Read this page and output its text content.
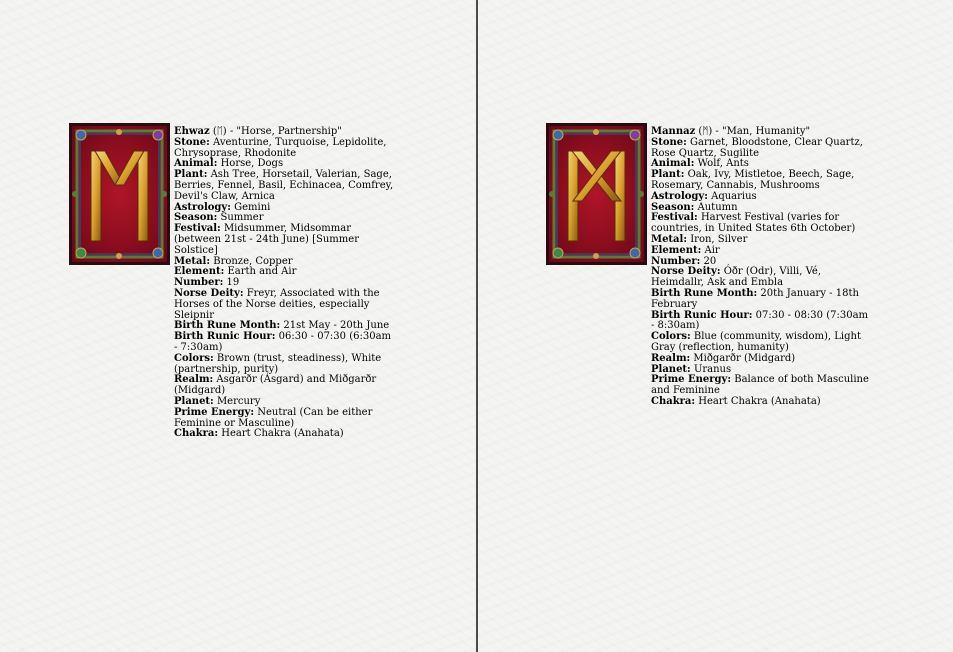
Ehwaz (ᛖ) - "Horse, Partnership"
Stone: Aventurine, Turquoise, Lepidolite, Chrysoprase, Rhodonite
Animal: Horse, Dogs
Plant: Ash Tree, Horsetail, Valerian, Sage, Berries, Fennel, Basil, Echinacea, Comfrey, Devil's Claw, Arnica
Astrology: Gemini
Season: Summer
Festival: Midsummer, Midsommar (between 21st - 24th June) [Summer Solstice]
Metal: Bronze, Copper
Element: Earth and Air
Number: 19
Norse Deity: Freyr, Associated with the Horses of the Norse deities, especially Sleipnir
Birth Rune Month: 21st May - 20th June
Birth Runic Hour: 06:30 - 07:30 (6:30am - 7:30am)
Colors: Brown (trust, steadiness), White (partnership, purity)
Realm: Asgarðr (Ásgard) and Miðgarðr (Midgard)
Planet: Mercury
Prime Energy: Neutral (Can be either Feminine or Masculine)
Chakra: Heart Chakra (Anahata)
Mannaz (ᛗ) - "Man, Humanity"
Stone: Garnet, Bloodstone, Clear Quartz, Rose Quartz, Sugilite
Animal: Wolf, Ants
Plant: Oak, Ivy, Mistletoe, Beech, Sage, Rosemary, Cannabis, Mushrooms
Astrology: Aquarius
Season: Autumn
Festival: Harvest Festival (varies for countries, in United States 6th October)
Metal: Iron, Silver
Element: Air
Number: 20
Norse Deity: Óðr (Odr), Villi, Vé, Heimdallr, Ask and Embla
Birth Rune Month: 20th January - 18th February
Birth Runic Hour: 07:30 - 08:30 (7:30am - 8:30am)
Colors: Blue (community, wisdom), Light Gray (reflection, humanity)
Realm: Miðgarðr (Midgard)
Planet: Uranus
Prime Energy: Balance of both Masculine and Feminine
Chakra: Heart Chakra (Anahata)
